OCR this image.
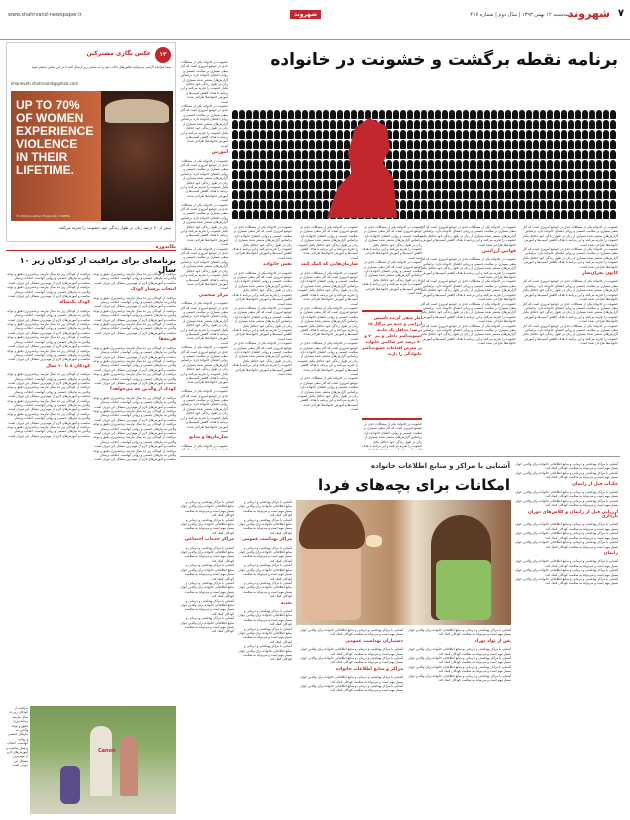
www.shahrvand-newspaper.ir	شهروند	سه‌شنبه ۱۲ بهمن ۱۳۹۳ | سال دوم | شماره ۴۱۷
شهروند ۷
برنامه نقطه برگشت و خشونت در خانواده

خشونت در خانواده یکی از مشکلات جدی در جوامع امروزی است که آثار منفی بسیاری بر سلامت جسمی و روانی اعضای خانواده دارد. براساس گزارش‌های منتشر شده بسیاری از زنان در طول زندگی خود حداقل یکبار خشونت را تجربه می‌کنند و این برنامه با هدف کاهش آسیب‌ها و آموزش خانواده‌ها طراحی شده است.

خشونت در خانواده یکی از مشکلات جدی در جوامع امروزی است که آثار منفی بسیاری بر سلامت جسمی و روانی اعضای خانواده دارد. براساس گزارش‌های منتشر شده بسیاری از زنان در طول زندگی خود حداقل یکبار خشونت را تجربه می‌کنند و این برنامه با هدف کاهش آسیب‌ها و آموزش خانواده‌ها طراحی شده است.

کانون بحران‌ساز

خشونت در خانواده یکی از مشکلات جدی در جوامع امروزی است که آثار منفی بسیاری بر سلامت جسمی و روانی اعضای خانواده دارد. براساس گزارش‌های منتشر شده بسیاری از زنان در طول زندگی خود حداقل یکبار خشونت را تجربه می‌کنند و این برنامه با هدف کاهش آسیب‌ها و آموزش خانواده‌ها طراحی شده است.

خشونت در خانواده یکی از مشکلات جدی در جوامع امروزی است که آثار منفی بسیاری بر سلامت جسمی و روانی اعضای خانواده دارد. براساس گزارش‌های منتشر شده بسیاری از زنان در طول زندگی خود حداقل یکبار خشونت را تجربه می‌کنند و این برنامه با هدف کاهش آسیب‌ها و آموزش خانواده‌ها طراحی شده است.

خشونت در خانواده یکی از مشکلات جدی در جوامع امروزی است که آثار منفی بسیاری بر سلامت جسمی و روانی اعضای خانواده دارد. براساس گزارش‌های منتشر شده بسیاری از زنان در طول زندگی خود حداقل یکبار خشونت را تجربه می‌کنند و این برنامه با هدف کاهش آسیب‌ها و آموزش خانواده‌ها طراحی شده است.

خشونت در خانواده یکی از مشکلات جدی در جوامع امروزی است که آثار منفی بسیاری بر سلامت جسمی و روانی اعضای خانواده دارد. براساس گزارش‌های منتشر شده بسیاری از زنان در طول زندگی خود حداقل یکبار خشونت را تجربه می‌کنند و این برنامه با هدف کاهش آسیب‌ها و آموزش خانواده‌ها طراحی شده است.

قوانین آرژانتین

خشونت در خانواده یکی از مشکلات جدی در جوامع امروزی است که آثار منفی بسیاری بر سلامت جسمی و روانی اعضای خانواده دارد. براساس گزارش‌های منتشر شده بسیاری از زنان در طول زندگی خود حداقل یکبار خشونت را تجربه می‌کنند و این برنامه با هدف کاهش آسیب‌ها و آموزش خانواده‌ها طراحی شده است.

خشونت در خانواده یکی از مشکلات جدی در جوامع امروزی است که آثار منفی بسیاری بر سلامت جسمی و روانی اعضای خانواده دارد. براساس گزارش‌های منتشر شده بسیاری از زنان در طول زندگی خود حداقل یکبار خشونت را تجربه می‌کنند و این برنامه با هدف کاهش آسیب‌ها و آموزش خانواده‌ها طراحی شده است.

خشونت در خانواده یکی از مشکلات جدی در جوامع امروزی است که آثار منفی بسیاری بر سلامت جسمی و روانی اعضای خانواده دارد. براساس گزارش‌های منتشر شده بسیاری از زنان در طول زندگی خود حداقل یکبار خشونت را تجربه می‌کنند و این برنامه با هدف کاهش آسیب‌ها و آموزش خانواده‌ها طراحی شده است.

خشونت در خانواده یکی از مشکلات جدی در جوامع امروزی است که آثار منفی بسیاری بر سلامت جسمی و روانی اعضای خانواده دارد. براساس گزارش‌های منتشر شده بسیاری از زنان در طول زندگی خود حداقل یکبار خشونت را تجربه می‌کنند و این برنامه با هدف کاهش آسیب‌ها و آموزش خانواده‌ها طراحی شده است.

آمار منفی گزیده تأسیس آرژانتی و ختنه نیز نرگال ۱۵ درصد؛ حداقل یک حادثه خشونت‌آمیز داخلی و نیز ۷۰ و ۸۰ درصد غیر ساکنین خانواده در معرض اقدامات خشونت‌آمیز خانوادگی را دارند

خشونت در خانواده یکی از مشکلات جدی در جوامع امروزی است که آثار منفی بسیاری بر سلامت جسمی و روانی اعضای خانواده دارد. براساس گزارش‌های منتشر شده بسیاری از زنان در طول زندگی خود حداقل یکبار خشونت را تجربه می‌کنند و این برنامه با هدف کاهش آسیب‌ها و آموزش خانواده‌ها طراحی شده است.

خشونت در خانواده یکی از مشکلات جدی در جوامع امروزی است که آثار منفی بسیاری بر سلامت جسمی و روانی اعضای خانواده دارد. براساس گزارش‌های منتشر شده بسیاری از زنان در طول زندگی خود حداقل یکبار خشونت را تجربه می‌کنند و این برنامه با هدف کاهش آسیب‌ها و آموزش خانواده‌ها طراحی شده است.

خشونت در خانواده یکی از مشکلات جدی در جوامع امروزی است که آثار منفی بسیاری بر سلامت جسمی و روانی اعضای خانواده دارد. براساس گزارش‌های منتشر شده بسیاری از زنان در طول زندگی خود حداقل یکبار خشونت را تجربه می‌کنند و این برنامه با هدف

خشونت در خانواده یکی از مشکلات جدی در جوامع امروزی است که آثار منفی بسیاری بر سلامت جسمی و روانی اعضای خانواده دارد. براساس گزارش‌های منتشر شده بسیاری از زنان در طول زندگی خود حداقل یکبار خشونت را تجربه می‌کنند و این برنامه با هدف کاهش آسیب‌ها و آموزش خانواده‌ها طراحی شده است.

سازمان‌هایی که کمک کنند

خشونت در خانواده یکی از مشکلات جدی در جوامع امروزی است که آثار منفی بسیاری بر سلامت جسمی و روانی اعضای خانواده دارد. براساس گزارش‌های منتشر شده بسیاری از زنان در طول زندگی خود حداقل یکبار خشونت را تجربه می‌کنند و این برنامه با هدف کاهش آسیب‌ها و آموزش خانواده‌ها طراحی شده است.

خشونت در خانواده یکی از مشکلات جدی در جوامع امروزی است که آثار منفی بسیاری بر سلامت جسمی و روانی اعضای خانواده دارد. براساس گزارش‌های منتشر شده بسیاری از زنان در طول زندگی خود حداقل یکبار خشونت را تجربه می‌کنند و این برنامه با هدف کاهش آسیب‌ها و آموزش خانواده‌ها طراحی شده است.

خشونت در خانواده یکی از مشکلات جدی در جوامع امروزی است که آثار منفی بسیاری بر سلامت جسمی و روانی اعضای خانواده دارد. براساس گزارش‌های منتشر شده بسیاری از زنان در طول زندگی خود حداقل یکبار خشونت را تجربه می‌کنند و این برنامه با هدف کاهش آسیب‌ها و آموزش خانواده‌ها طراحی شده است.

خشونت در خانواده یکی از مشکلات جدی در جوامع امروزی است که آثار منفی بسیاری بر سلامت جسمی و روانی اعضای خانواده دارد. براساس گزارش‌های منتشر شده بسیاری از زنان در طول زندگی خود حداقل یکبار خشونت را تجربه می‌کنند و این برنامه با هدف کاهش آسیب‌ها و آموزش خانواده‌ها طراحی شده است.

خشونت در خانواده یکی از مشکلات جدی در جوامع امروزی است که آثار منفی بسیاری بر سلامت جسمی و روانی اعضای خانواده دارد. براساس گزارش‌های منتشر شده بسیاری از زنان در طول زندگی خود حداقل یکبار خشونت را تجربه می‌کنند و این برنامه با هدف کاهش آسیب‌ها و آموزش خانواده‌ها طراحی شده است.

نقش خانواده

خشونت در خانواده یکی از مشکلات جدی در جوامع امروزی است که آثار منفی بسیاری بر سلامت جسمی و روانی اعضای خانواده دارد. براساس گزارش‌های منتشر شده بسیاری از زنان در طول زندگی خود حداقل یکبار خشونت را تجربه می‌کنند و این برنامه با هدف کاهش آسیب‌ها و آموزش خانواده‌ها طراحی شده است.

خشونت در خانواده یکی از مشکلات جدی در جوامع امروزی است که آثار منفی بسیاری بر سلامت جسمی و روانی اعضای خانواده دارد. براساس گزارش‌های منتشر شده بسیاری از زنان در طول زندگی خود حداقل یکبار خشونت را تجربه می‌کنند و این برنامه با هدف کاهش آسیب‌ها و آموزش خانواده‌ها طراحی شده است.

خشونت در خانواده یکی از مشکلات جدی در جوامع امروزی است که آثار منفی بسیاری بر سلامت جسمی و روانی اعضای خانواده دارد. براساس گزارش‌های منتشر شده بسیاری از زنان در طول زندگی خود حداقل یکبار خشونت را تجربه می‌کنند و این برنامه با هدف کاهش آسیب‌ها و آموزش خانواده‌ها طراحی شده است.

خشونت در خانواده یکی از مشکلات جدی در جوامع امروزی است که آثار منفی بسیاری بر سلامت جسمی و روانی اعضای خانواده دارد. براساس گزارش‌های منتشر شده بسیاری از زنان در طول زندگی خود حداقل یکبار خشونت را تجربه می‌کنند و این برنامه با هدف کاهش آسیب‌ها و آموزش خانواده‌ها طراحی شده است.

خشونت در خانواده یکی از مشکلات جدی در جوامع امروزی است که آثار منفی بسیاری بر سلامت جسمی و روانی اعضای خانواده دارد. براساس گزارش‌های منتشر شده بسیاری از زنان در طول زندگی خود حداقل یکبار خشونت را تجربه می‌کنند و این برنامه با هدف کاهش آسیب‌ها و آموزش خانواده‌ها طراحی شده است.

آموزش

خشونت در خانواده یکی از مشکلات جدی در جوامع امروزی است که آثار منفی بسیاری بر سلامت جسمی و روانی اعضای خانواده دارد. براساس گزارش‌های منتشر شده بسیاری از زنان در طول زندگی خود حداقل یکبار خشونت را تجربه می‌کنند و این برنامه با هدف کاهش آسیب‌ها و آموزش خانواده‌ها طراحی شده است.

خشونت در خانواده یکی از مشکلات جدی در جوامع امروزی است که آثار منفی بسیاری بر سلامت جسمی و روانی اعضای خانواده دارد. براساس گزارش‌های منتشر شده بسیاری از زنان در طول زندگی خود حداقل یکبار خشونت را تجربه می‌کنند و این برنامه با هدف کاهش آسیب‌ها و آموزش خانواده‌ها طراحی شده است.

خشونت در خانواده یکی از مشکلات جدی در جوامع امروزی است که آثار منفی بسیاری بر سلامت جسمی و روانی اعضای خانواده دارد. براساس گزارش‌های منتشر شده بسیاری از زنان در طول زندگی خود حداقل یکبار خشونت را تجربه می‌کنند و این برنامه با هدف کاهش آسیب‌ها و آموزش خانواده‌ها طراحی شده است.

مرکز شخصی

خشونت در خانواده یکی از مشکلات جدی در جوامع امروزی است که آثار منفی بسیاری بر سلامت جسمی و روانی اعضای خانواده دارد. براساس گزارش‌های منتشر شده بسیاری از زنان در طول زندگی خود حداقل یکبار خشونت را تجربه می‌کنند و این برنامه با هدف کاهش آسیب‌ها و آموزش خانواده‌ها طراحی شده است.

خشونت در خانواده یکی از مشکلات جدی در جوامع امروزی است که آثار منفی بسیاری بر سلامت جسمی و روانی اعضای خانواده دارد. براساس گزارش‌های منتشر شده بسیاری از زنان در طول زندگی خود حداقل یکبار خشونت را تجربه می‌کنند و این برنامه با هدف کاهش آسیب‌ها و آموزش خانواده‌ها طراحی شده است.

خشونت در خانواده یکی از مشکلات جدی در جوامع امروزی است که آثار منفی بسیاری بر سلامت جسمی و روانی اعضای خانواده دارد. براساس گزارش‌های منتشر شده بسیاری از زنان در طول زندگی خود حداقل یکبار خشونت را تجربه می‌کنند و این برنامه با هدف کاهش آسیب‌ها و آموزش خانواده‌ها طراحی شده است.

سازمان‌ها و منابع

خشونت در خانواده یکی از مشکلات

۱۲
عکس نگاری مشترکین
شما خواننده گرامی می‌توانید عکس‌های جالب خود را به نشانی زیر ارسال کنید تا در این بخش منتشر شود
khaneveh.shahrvand@gmail.com
UP TO 70%
OF WOMEN
EXPERIENCE
VIOLENCE
IN THEIR
LIFETIME.
© 2014 Jonathan Torgovnik / UNFPA
بیش از ۷۰ درصد زنان در طول زندگی خود خشونت را تجربه می‌کنند
تکاندوره
برنامه‌ای برای مراقبت از کودکان زیر ۱۰ سال

مراقبت از کودکان زیر ده سال نیازمند برنامه‌ریزی دقیق و توجه والدین به نیازهای جسمی و روانی آنهاست. انتخاب پرستار مناسب و آموزش‌های لازم از مهم‌ترین مسائل این دوران است.

انتخاب پرستار کودک

مراقبت از کودکان زیر ده سال نیازمند برنامه‌ریزی دقیق و توجه والدین به نیازهای جسمی و روانی آنهاست. انتخاب پرستار مناسب و آموزش‌های لازم از مهم‌ترین مسائل این دوران است.

مراقبت از کودکان زیر ده سال نیازمند برنامه‌ریزی دقیق و توجه والدین به نیازهای جسمی و روانی آنهاست. انتخاب پرستار مناسب و آموزش‌های لازم از مهم‌ترین مسائل این دوران است.

مراقبت از کودکان زیر ده سال نیازمند برنامه‌ریزی دقیق و توجه والدین به نیازهای جسمی و روانی آنهاست. انتخاب پرستار مناسب و آموزش‌های لازم از مهم‌ترین مسائل این دوران است.

هزینه‌ها

مراقبت از کودکان زیر ده سال نیازمند برنامه‌ریزی دقیق و توجه والدین به نیازهای جسمی و روانی آنهاست. انتخاب پرستار مناسب و آموزش‌های لازم از مهم‌ترین مسائل این دوران است.

مراقبت از کودکان زیر ده سال نیازمند برنامه‌ریزی دقیق و توجه والدین به نیازهای جسمی و روانی آنهاست. انتخاب پرستار مناسب و آموزش‌های لازم از مهم‌ترین مسائل این دوران است.

مراقبت از کودکان زیر ده سال نیازمند برنامه‌ریزی دقیق و توجه والدین به نیازهای جسمی و روانی آنهاست. انتخاب پرستار مناسب و آموزش‌های لازم از مهم‌ترین مسائل این دوران است.

کودک از والدین چه می‌خواهد؟

مراقبت از کودکان زیر ده سال نیازمند برنامه‌ریزی دقیق و توجه والدین به نیازهای جسمی و روانی آنهاست. انتخاب پرستار مناسب و آموزش‌های لازم از مهم‌ترین مسائل این دوران است.

مراقبت از کودکان زیر ده سال نیازمند برنامه‌ریزی دقیق و توجه والدین به نیازهای جسمی و روانی آنهاست. انتخاب پرستار مناسب و آموزش‌های لازم از مهم‌ترین مسائل این دوران است.

مراقبت از کودکان زیر ده سال نیازمند برنامه‌ریزی دقیق و توجه والدین به نیازهای جسمی و روانی آنهاست. انتخاب پرستار مناسب و آموزش‌های لازم از مهم‌ترین مسائل این دوران است.

مراقبت از کودکان زیر ده سال نیازمند برنامه‌ریزی دقیق و توجه والدین به نیازهای جسمی و روانی آنهاست. انتخاب پرستار مناسب و آموزش‌های لازم از مهم‌ترین مسائل این دوران است.

مراقبت از کودکان زیر ده سال نیازمند برنامه‌ریزی دقیق و توجه والدین به نیازهای جسمی و روانی آنهاست. انتخاب پرستار مناسب و آموزش‌های لازم از مهم‌ترین مسائل این دوران است.

مراقبت از کودکان زیر ده سال نیازمند برنامه‌ریزی دقیق و توجه والدین به نیازهای جسمی و روانی آنهاست. انتخاب پرستار مناسب و آموزش‌های لازم از مهم‌ترین مسائل این دوران است.

مراقبت از کودکان زیر ده سال نیازمند برنامه‌ریزی دقیق و توجه والدین به نیازهای جسمی و روانی آنهاست. انتخاب پرستار مناسب و آموزش‌های لازم از مهم‌ترین مسائل این دوران است.

کودک یک‌ساله

مراقبت از کودکان زیر ده سال نیازمند برنامه‌ریزی دقیق و توجه والدین به نیازهای جسمی و روانی آنهاست. انتخاب پرستار مناسب و آموزش‌های لازم از مهم‌ترین مسائل این دوران است.

مراقبت از کودکان زیر ده سال نیازمند برنامه‌ریزی دقیق و توجه والدین به نیازهای جسمی و روانی آنهاست. انتخاب پرستار مناسب و آموزش‌های لازم از مهم‌ترین مسائل این دوران است.

مراقبت از کودکان زیر ده سال نیازمند برنامه‌ریزی دقیق و توجه والدین به نیازهای جسمی و روانی آنهاست. انتخاب پرستار مناسب و آموزش‌های لازم از مهم‌ترین مسائل این دوران است.

مراقبت از کودکان زیر ده سال نیازمند برنامه‌ریزی دقیق و توجه والدین به نیازهای جسمی و روانی آنهاست. انتخاب پرستار مناسب و آموزش‌های لازم از مهم‌ترین مسائل این دوران است.

کودکان ۸ تا ۱۰ سال

مراقبت از کودکان زیر ده سال نیازمند برنامه‌ریزی دقیق و توجه والدین به نیازهای جسمی و روانی آنهاست. انتخاب پرستار مناسب و آموزش‌های لازم از مهم‌ترین مسائل این دوران است.

مراقبت از کودکان زیر ده سال نیازمند برنامه‌ریزی دقیق و توجه والدین به نیازهای جسمی و روانی آنهاست. انتخاب پرستار مناسب و آموزش‌های لازم از مهم‌ترین مسائل این دوران است.

مراقبت از کودکان زیر ده سال نیازمند برنامه‌ریزی دقیق و توجه والدین به نیازهای جسمی و روانی آنهاست. انتخاب پرستار مناسب و آموزش‌های لازم از مهم‌ترین مسائل این دوران است.

مراقبت از کودکان زیر ده سال نیازمند برنامه‌ریزی دقیق و توجه والدین به نیازهای جسمی و روانی آنهاست. انتخاب پرستار مناسب و آموزش‌های لازم از مهم‌ترین مسائل این دوران است.

مراقبت از کودکان زیر ده سال نیازمند برنامه‌ریزی دقیق و توجه والدین به نیازهای جسمی و روانی آنهاست. انتخاب پرستار مناسب و آموزش‌های لازم از مهم‌ترین مسائل این دوران است.

Canon

مراقبت از کودکان زیر ده سال نیازمند برنامه‌ریزی دقیق و توجه والدین به نیازهای جسمی و روانی آنهاست. انتخاب پرستار مناسب و آموزش‌های لازم از مهم‌ترین مسائل این دوران است.

آشنایی با مراکز و منابع اطلاعات خانواده
امکانات برای بچه‌های فردا

آشنایی با مراکز بهداشتی و درمانی و منابع اطلاعاتی خانواده برای والدین جوان بسیار مهم است و می‌تواند به سلامت کودکان کمک کند.

آشنایی با مراکز بهداشتی و درمانی و منابع اطلاعاتی خانواده برای والدین جوان بسیار مهم است و می‌تواند به سلامت کودکان کمک کند.

چک‌آپ قبل از زایمان

آشنایی با مراکز بهداشتی و درمانی و منابع اطلاعاتی خانواده برای والدین جوان بسیار مهم است و می‌تواند به سلامت کودکان کمک کند.

آشنایی با مراکز بهداشتی و درمانی و منابع اطلاعاتی خانواده برای والدین جوان بسیار مهم است و می‌تواند به سلامت کودکان کمک کند.

ارزیابی قبل از زایمان و کلاس‌های دوران بارداری

آشنایی با مراکز بهداشتی و درمانی و منابع اطلاعاتی خانواده برای والدین جوان بسیار مهم است و می‌تواند به سلامت کودکان کمک کند.

آشنایی با مراکز بهداشتی و درمانی و منابع اطلاعاتی خانواده برای والدین جوان بسیار مهم است و می‌تواند به سلامت کودکان کمک کند.

آشنایی با مراکز بهداشتی و درمانی و منابع اطلاعاتی خانواده برای والدین جوان بسیار مهم است و می‌تواند به سلامت کودکان کمک کند.

زایمان

آشنایی با مراکز بهداشتی و درمانی و منابع اطلاعاتی خانواده برای والدین جوان بسیار مهم است و می‌تواند به سلامت کودکان کمک کند.

آشنایی با مراکز بهداشتی و درمانی و منابع اطلاعاتی خانواده برای والدین جوان بسیار مهم است و می‌تواند به سلامت کودکان کمک کند.

آشنایی با مراکز بهداشتی و درمانی و منابع اطلاعاتی خانواده برای والدین جوان بسیار مهم است و می‌تواند به سلامت کودکان کمک کند.

آشنایی با مراکز بهداشتی و درمانی و منابع اطلاعاتی خانواده برای والدین جوان بسیار مهم است و می‌تواند به سلامت کودکان کمک کند.

پس از تولد نوزاد

آشنایی با مراکز بهداشتی و درمانی و منابع اطلاعاتی خانواده برای والدین جوان بسیار مهم است و می‌تواند به سلامت کودکان کمک کند.

آشنایی با مراکز بهداشتی و درمانی و منابع اطلاعاتی خانواده برای والدین جوان بسیار مهم است و می‌تواند به سلامت کودکان کمک کند.

آشنایی با مراکز بهداشتی و درمانی و منابع اطلاعاتی خانواده برای والدین جوان بسیار مهم است و می‌تواند به سلامت کودکان کمک کند.

آشنایی با مراکز بهداشتی و درمانی و منابع اطلاعاتی خانواده برای والدین جوان بسیار مهم است و می‌تواند به سلامت کودکان کمک کند.

آشنایی با مراکز بهداشتی و درمانی و منابع اطلاعاتی خانواده برای والدین جوان بسیار مهم است و می‌تواند به سلامت کودکان کمک کند.

دستیاران بهداشت عمومی

آشنایی با مراکز بهداشتی و درمانی و منابع اطلاعاتی خانواده برای والدین جوان بسیار مهم است و می‌تواند به سلامت کودکان کمک کند.

آشنایی با مراکز بهداشتی و درمانی و منابع اطلاعاتی خانواده برای والدین جوان بسیار مهم است و می‌تواند به سلامت کودکان کمک کند.

مراکز و منابع اطلاعات خانواده

آشنایی با مراکز بهداشتی و درمانی و منابع اطلاعاتی خانواده برای والدین جوان بسیار مهم است و می‌تواند به سلامت کودکان کمک کند.

آشنایی با مراکز بهداشتی و درمانی و منابع اطلاعاتی خانواده برای والدین جوان بسیار مهم است و می‌تواند به سلامت کودکان کمک کند.

آشنایی با مراکز بهداشتی و درمانی و منابع اطلاعاتی خانواده برای والدین جوان بسیار مهم است و می‌تواند به سلامت کودکان کمک کند.

آشنایی با مراکز بهداشتی و درمانی و منابع اطلاعاتی خانواده برای والدین جوان بسیار مهم است و می‌تواند به سلامت کودکان کمک کند.

مراکز بهداشت عمومی

آشنایی با مراکز بهداشتی و درمانی و منابع اطلاعاتی خانواده برای والدین جوان بسیار مهم است و می‌تواند به سلامت کودکان کمک کند.

آشنایی با مراکز بهداشتی و درمانی و منابع اطلاعاتی خانواده برای والدین جوان بسیار مهم است و می‌تواند به سلامت کودکان کمک کند.

آشنایی با مراکز بهداشتی و درمانی و منابع اطلاعاتی خانواده برای والدین جوان بسیار مهم است و می‌تواند به سلامت کودکان کمک کند.

تغذیه

آشنایی با مراکز بهداشتی و درمانی و منابع اطلاعاتی خانواده برای والدین جوان بسیار مهم است و می‌تواند به سلامت کودکان کمک کند.

آشنایی با مراکز بهداشتی و درمانی و منابع اطلاعاتی خانواده برای والدین جوان بسیار مهم است و می‌تواند به سلامت کودکان کمک کند.

آشنایی با مراکز بهداشتی و درمانی و منابع اطلاعاتی خانواده برای والدین جوان بسیار مهم است و می‌تواند به سلامت کودکان کمک کند.

آشنایی با مراکز بهداشتی و درمانی و منابع اطلاعاتی خانواده برای والدین جوان بسیار مهم است و می‌تواند به سلامت کودکان کمک کند.

آشنایی با مراکز بهداشتی و درمانی و منابع اطلاعاتی خانواده برای والدین جوان بسیار مهم است و می‌تواند به سلامت کودکان کمک کند.

مراکز خدمات اجتماعی

آشنایی با مراکز بهداشتی و درمانی و منابع اطلاعاتی خانواده برای والدین جوان بسیار مهم است و می‌تواند به سلامت کودکان کمک کند.

آشنایی با مراکز بهداشتی و درمانی و منابع اطلاعاتی خانواده برای والدین جوان بسیار مهم است و می‌تواند به سلامت کودکان کمک کند.

آشنایی با مراکز بهداشتی و درمانی و منابع اطلاعاتی خانواده برای والدین جوان بسیار مهم است و می‌تواند به سلامت کودکان کمک کند.

آشنایی با مراکز بهداشتی و درمانی و منابع اطلاعاتی خانواده برای والدین جوان بسیار مهم است و می‌تواند به سلامت کودکان کمک کند.

آشنایی با مراکز بهداشتی و درمانی و منابع اطلاعاتی خانواده برای والدین جوان بسیار مهم است و می‌تواند به سلامت کودکان کمک کند.
